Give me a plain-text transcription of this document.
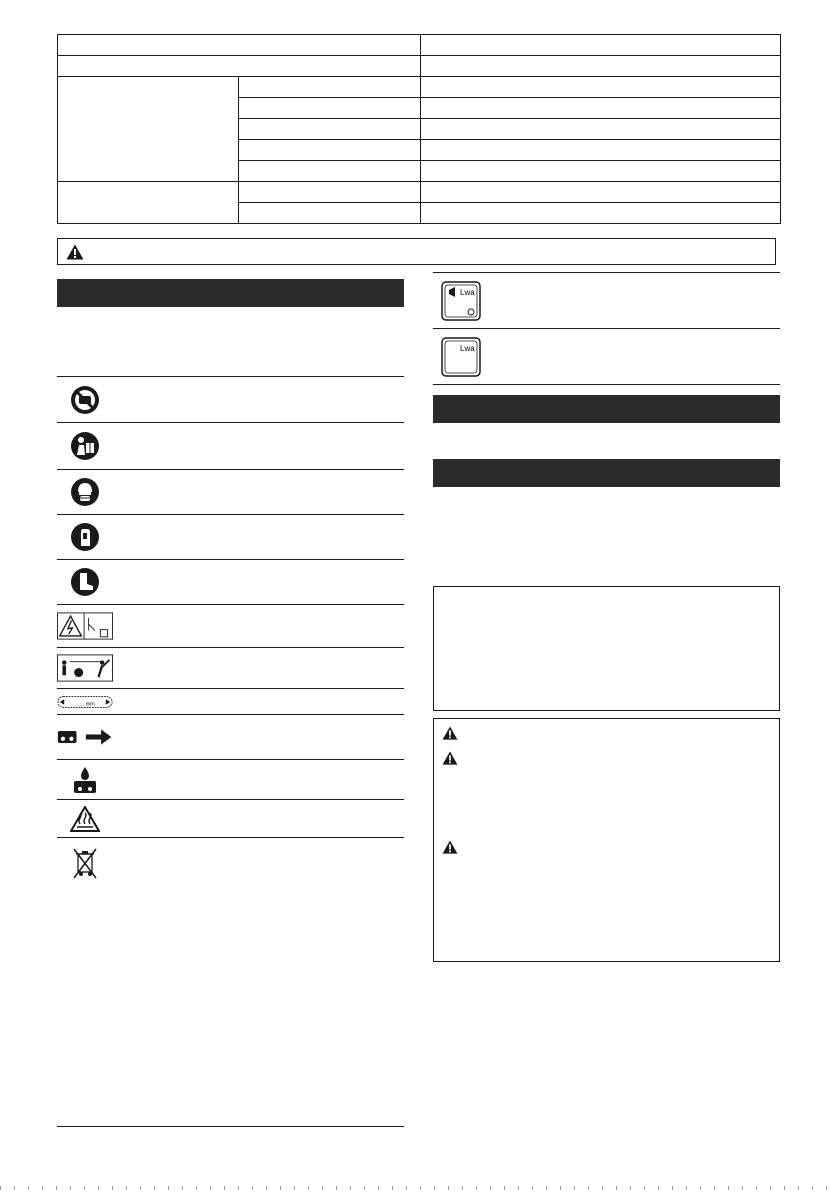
...... mm
Lwa
Lwa
